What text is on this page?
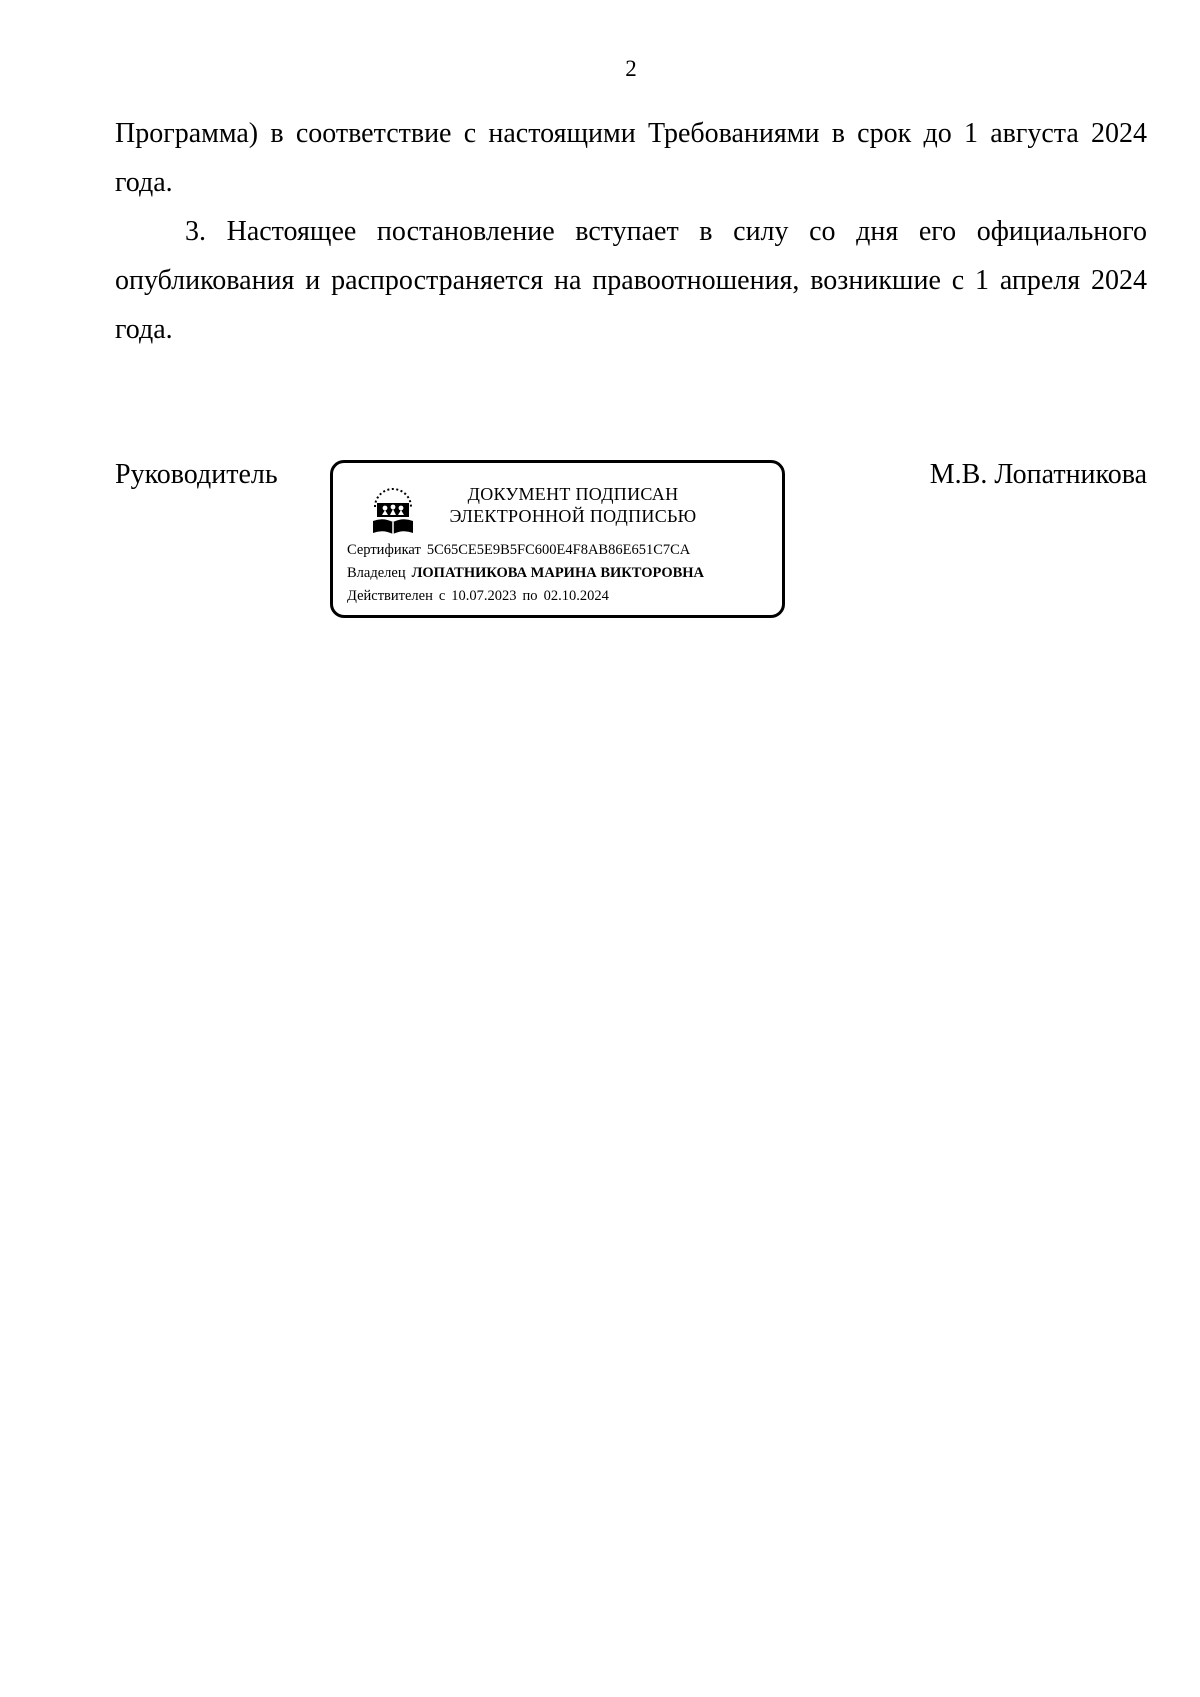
2
Программа) в соответствие с настоящими Требованиями в срок до 1 августа 2024 года.
3. Настоящее постановление вступает в силу со дня его официального опубликования и распространяется на правоотношения, возникшие с 1 апреля 2024 года.
Руководитель
ДОКУМЕНТ ПОДПИСАН
ЭЛЕКТРОННОЙ ПОДПИСЬЮ
Сертификат 5C65CE5E9B5FC600E4F8AB86E651C7CA
Владелец ЛОПАТНИКОВА МАРИНА ВИКТОРОВНА
Действителен с 10.07.2023 по 02.10.2024
М.В. Лопатникова
